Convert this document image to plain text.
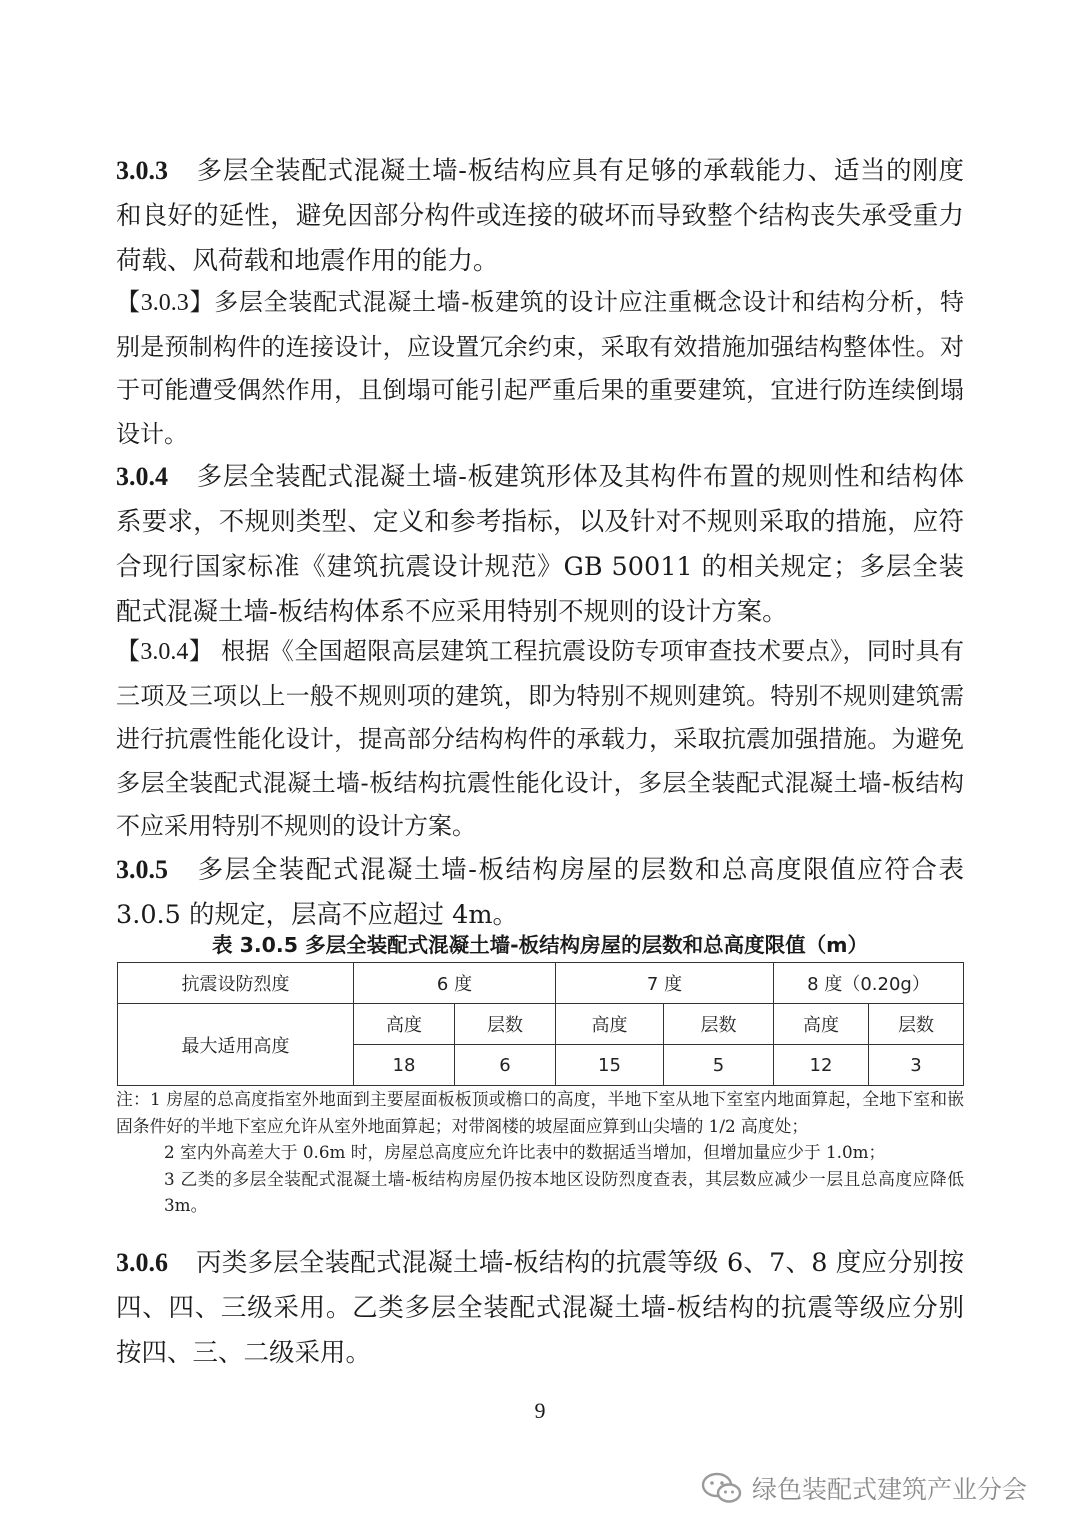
3.0.3 多层全装配式混凝土墙-板结构应具有足够的承载能力、适当的刚度和良好的延性，避免因部分构件或连接的破坏而导致整个结构丧失承受重力荷载、风荷载和地震作用的能力。
【3.0.3】多层全装配式混凝土墙-板建筑的设计应注重概念设计和结构分析，特别是预制构件的连接设计，应设置冗余约束，采取有效措施加强结构整体性。对于可能遭受偶然作用，且倒塌可能引起严重后果的重要建筑，宜进行防连续倒塌设计。
3.0.4 多层全装配式混凝土墙-板建筑形体及其构件布置的规则性和结构体系要求，不规则类型、定义和参考指标，以及针对不规则采取的措施，应符合现行国家标准《建筑抗震设计规范》GB 50011 的相关规定；多层全装配式混凝土墙-板结构体系不应采用特别不规则的设计方案。
【3.0.4】 根据《全国超限高层建筑工程抗震设防专项审查技术要点》，同时具有三项及三项以上一般不规则项的建筑，即为特别不规则建筑。特别不规则建筑需进行抗震性能化设计，提高部分结构构件的承载力，采取抗震加强措施。为避免多层全装配式混凝土墙-板结构抗震性能化设计，多层全装配式混凝土墙-板结构不应采用特别不规则的设计方案。
3.0.5 多层全装配式混凝土墙-板结构房屋的层数和总高度限值应符合表 3.0.5 的规定，层高不应超过 4m。
表 3.0.5 多层全装配式混凝土墙-板结构房屋的层数和总高度限值（m）
抗震设防烈度	6 度		7 度		8 度（0.20g）	
最大适用高度	高度	层数	高度	层数	高度	层数
	18	6	15	5	12	3

注：1 房屋的总高度指室外地面到主要屋面板板顶或檐口的高度，半地下室从地下室室内地面算起，全地下室和嵌固条件好的半地下室应允许从室外地面算起；对带阁楼的坡屋面应算到山尖墙的 1/2 高度处；

2 室内外高差大于 0.6m 时，房屋总高度应允许比表中的数据适当增加，但增加量应少于 1.0m；

3 乙类的多层全装配式混凝土墙-板结构房屋仍按本地区设防烈度查表，其层数应减少一层且总高度应降低 3m。

3.0.6 丙类多层全装配式混凝土墙-板结构的抗震等级 6、7、8 度应分别按四、四、三级采用。乙类多层全装配式混凝土墙-板结构的抗震等级应分别按四、三、二级采用。
9
绿色装配式建筑产业分会
